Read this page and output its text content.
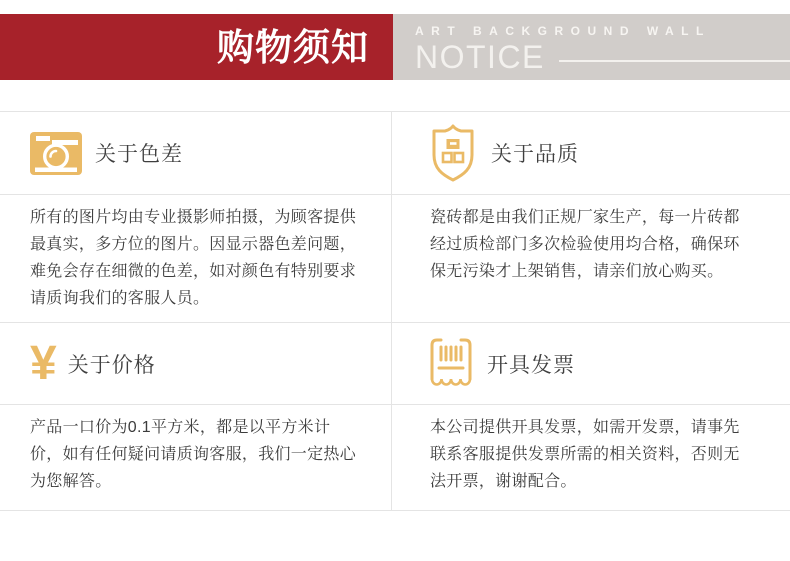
购物须知	ART BACKGROUND WALL
NOTICE
关于色差	关于品质
所有的图片均由专业摄影师拍摄，为顾客提供最真实，多方位的图片。因显示器色差问题，难免会存在细微的色差，如对颜色有特别要求请质询我们的客服人员。
瓷砖都是由我们正规厂家生产，每一片砖都经过质检部门多次检验使用均合格，确保环保无污染才上架销售，请亲们放心购买。
¥ 关于价格	开具发票
产品一口价为0.1平方米，都是以平方米计价，如有任何疑问请质询客服，我们一定热心为您解答。
本公司提供开具发票，如需开发票，请事先联系客服提供发票所需的相关资料，否则无法开票，谢谢配合。
